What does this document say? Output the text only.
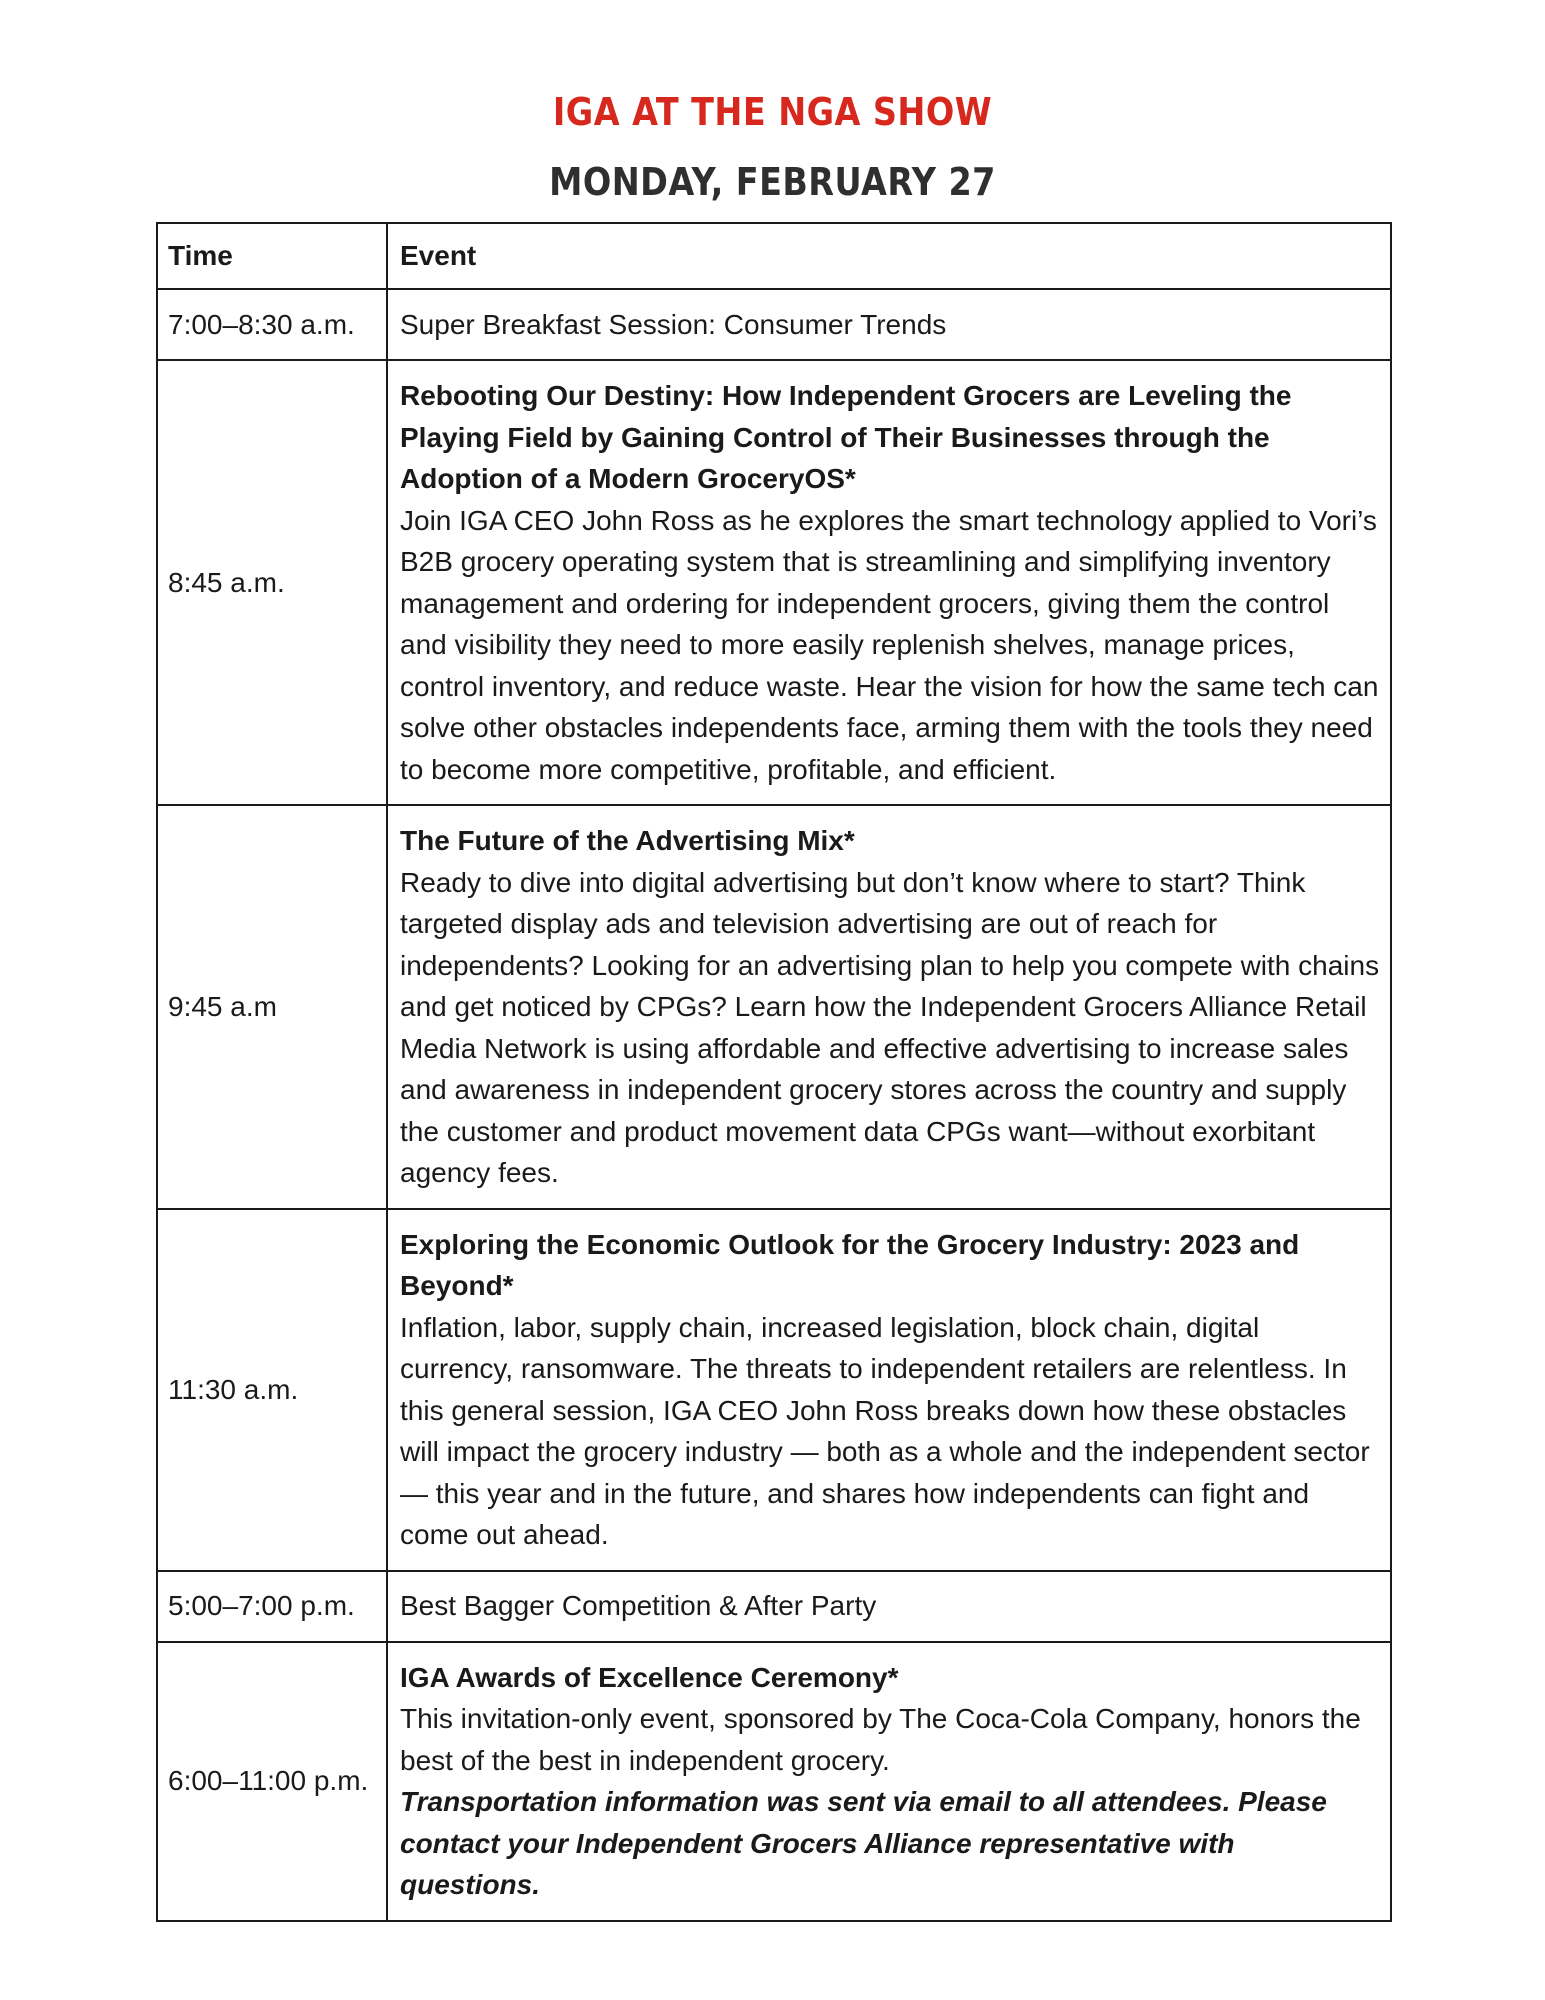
IGA AT THE NGA SHOW
MONDAY, FEBRUARY 27
Time	Event
7:00–8:30 a.m.	Super Breakfast Session: Consumer Trends

8:45 a.m.	Rebooting Our Destiny: How Independent Grocers are Leveling the Playing Field by Gaining Control of Their Businesses through the Adoption of a Modern GroceryOS*
Join IGA CEO John Ross as he explores the smart technology applied to Vori’s B2B grocery operating system that is streamlining and simplifying inventory management and ordering for independent grocers, giving them the control and visibility they need to more easily replenish shelves, manage prices, control inventory, and reduce waste. Hear the vision for how the same tech can solve other obstacles independents face, arming them with the tools they need to become more competitive, profitable, and efficient.

9:45 a.m	The Future of the Advertising Mix*
Ready to dive into digital advertising but don’t know where to start? Think targeted display ads and television advertising are out of reach for independents? Looking for an advertising plan to help you compete with chains and get noticed by CPGs? Learn how the Independent Grocers Alliance Retail Media Network is using affordable and effective advertising to increase sales and awareness in independent grocery stores across the country and supply the customer and product movement data CPGs want—without exorbitant agency fees.

11:30 a.m.	Exploring the Economic Outlook for the Grocery Industry: 2023 and Beyond*
Inflation, labor, supply chain, increased legislation, block chain, digital currency, ransomware. The threats to independent retailers are relentless. In this general session, IGA CEO John Ross breaks down how these obstacles will impact the grocery industry — both as a whole and the independent sector — this year and in the future, and shares how independents can fight and come out ahead.

5:00–7:00 p.m.	Best Bagger Competition & After Party

6:00–11:00 p.m.	IGA Awards of Excellence Ceremony*
This invitation-only event, sponsored by The Coca-Cola Company, honors the best of the best in independent grocery.
Transportation information was sent via email to all attendees. Please contact your Independent Grocers Alliance representative with questions.
